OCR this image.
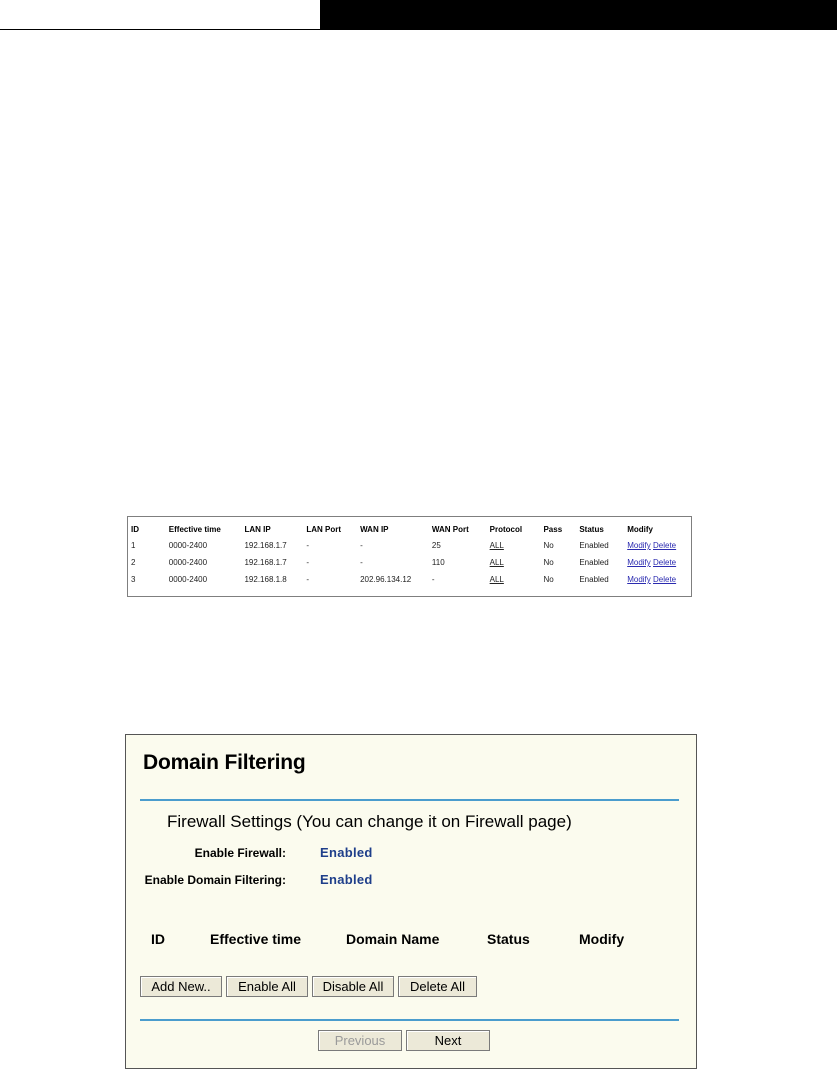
ID	Effective time	LAN IP	LAN Port	WAN IP	WAN Port	Protocol	Pass	Status	Modify
1	0000-2400	192.168.1.7	-	-	25	ALL	No	Enabled	Modify Delete
2	0000-2400	192.168.1.7	-	-	110	ALL	No	Enabled	Modify Delete
3	0000-2400	192.168.1.8	-	202.96.134.12	-	ALL	No	Enabled	Modify Delete
Domain Filtering
Firewall Settings (You can change it on Firewall page)
Enable Firewall:	Enabled
Enable Domain Filtering:	Enabled
ID	Effective time	Domain Name	Status	Modify
Add New..	Enable All	Disable All	Delete All
Previous	Next
